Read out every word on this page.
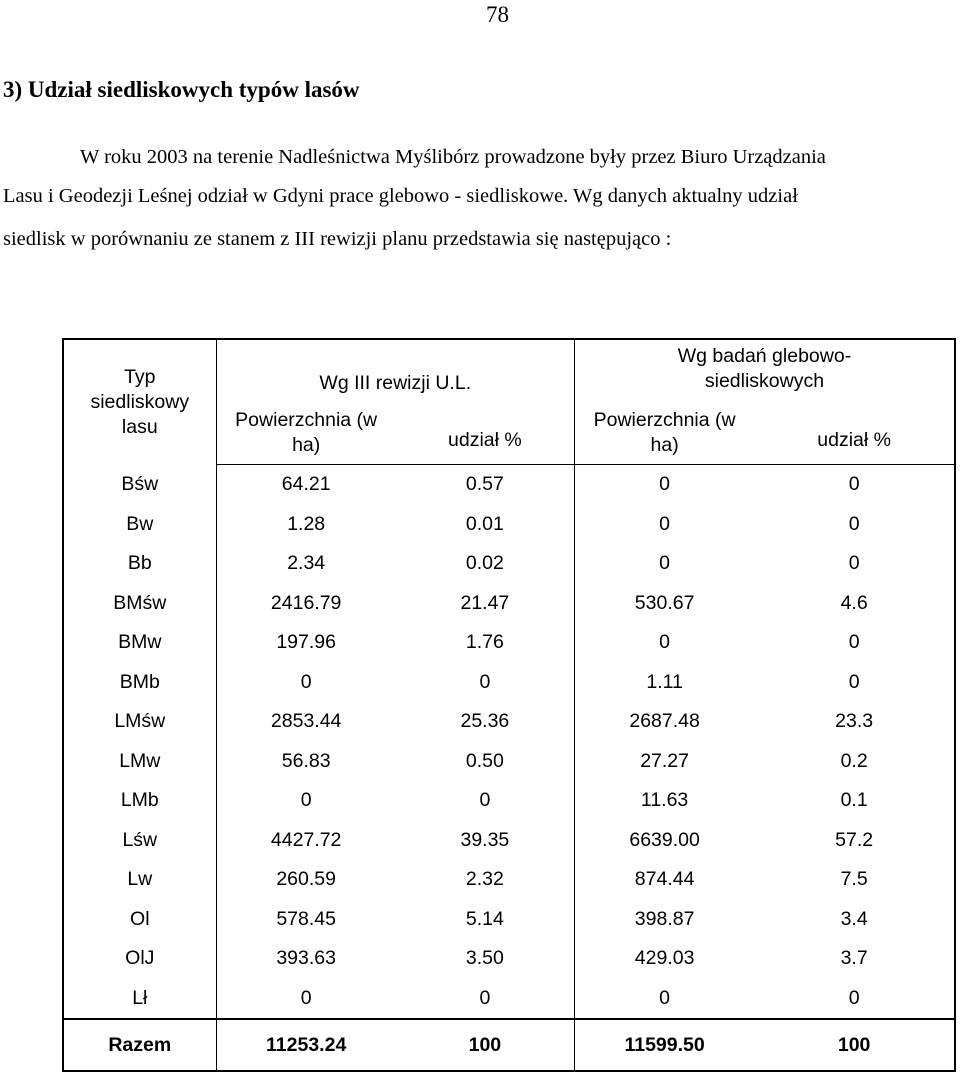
78
3) Udział siedliskowych typów lasów
W roku 2003 na terenie Nadleśnictwa Myślibórz prowadzone były przez Biuro Urządzania
Lasu i Geodezji Leśnej odział w Gdyni prace glebowo - siedliskowe. Wg danych aktualny udział
siedlisk w porównaniu ze stanem z III rewizji planu przedstawia się następująco :
Typ siedliskowy lasu	Wg III rewizji U.L.		Wg badań glebowo-siedliskowych	

	Powierzchnia (w ha)	udział %	Powierzchnia (w ha)	udział %

Bśw	64.21	0.57	0	0
Bw	1.28	0.01	0	0
Bb	2.34	0.02	0	0
BMśw	2416.79	21.47	530.67	4.6
BMw	197.96	1.76	0	0
BMb	0	0	1.11	0
LMśw	2853.44	25.36	2687.48	23.3
LMw	56.83	0.50	27.27	0.2
LMb	0	0	11.63	0.1
Lśw	4427.72	39.35	6639.00	57.2
Lw	260.59	2.32	874.44	7.5
Ol	578.45	5.14	398.87	3.4
OlJ	393.63	3.50	429.03	3.7
Lł	0	0	0	0
Razem	11253.24	100	11599.50	100
